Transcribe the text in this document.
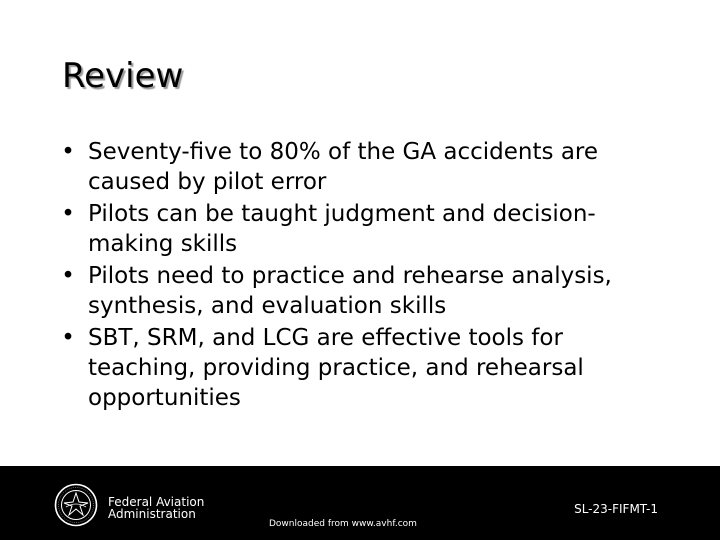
Review
• Seventy-five to 80% of the GA accidents are
caused by pilot error
• Pilots can be taught judgment and decision-
making skills
• Pilots need to practice and rehearse analysis,
synthesis, and evaluation skills
• SBT, SRM, and LCG are effective tools for
teaching, providing practice, and rehearsal
opportunities
Federal Aviation
Administration	SL-23-FIFMT-1
Downloaded from www.avhf.com
